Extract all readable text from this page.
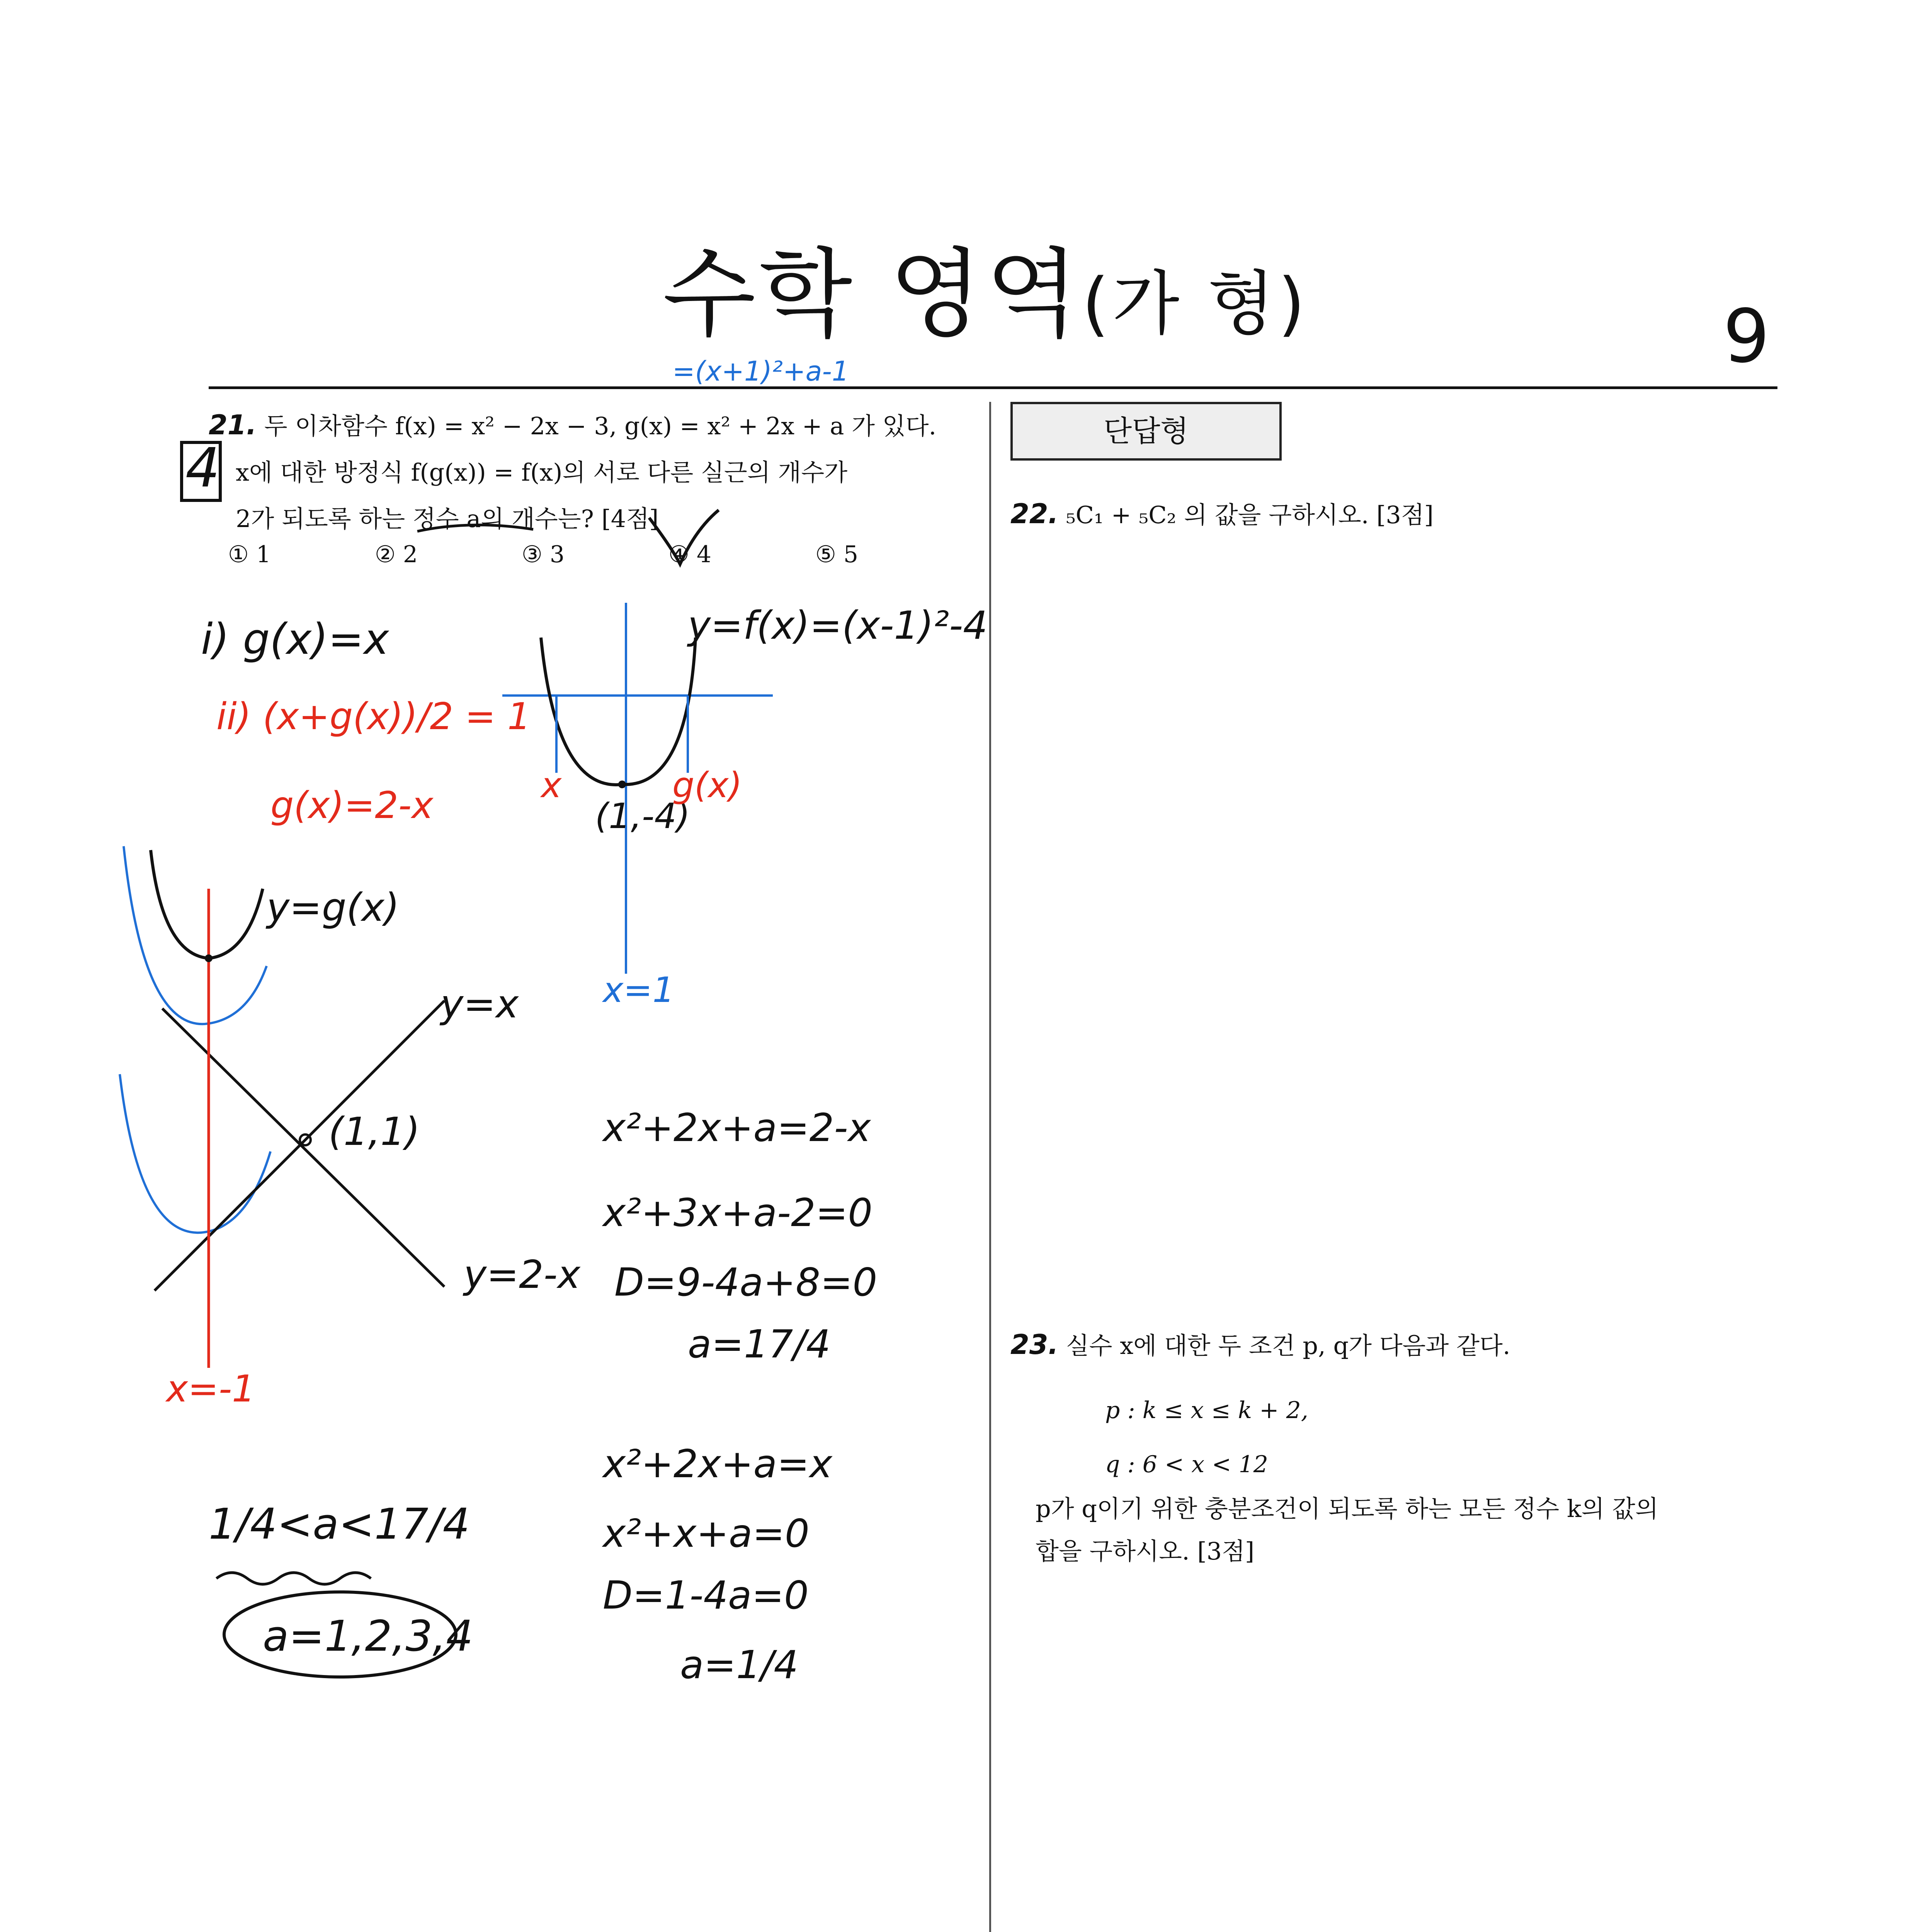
수학 영역(가 형)	9
21. 두 이차함수 f(x) = x² − 2x − 3, g(x) = x² + 2x + a 가 있다.
x에 대한 방정식 f(g(x)) = f(x)의 서로 다른 실근의 개수가
2가 되도록 하는 정수 a의 개수는? [4점]
① 1	② 2	③ 3	④ 4	⑤ 5
단답형
22. ₅C₁ + ₅C₂ 의 값을 구하시오. [3점]
23. 실수 x에 대한 두 조건 p, q가 다음과 같다.
p : k ≤ x ≤ k + 2,
q : 6 < x < 12
p가 q이기 위한 충분조건이 되도록 하는 모든 정수 k의 값의
합을 구하시오. [3점]
4
=(x+1)²+a-1
i) g(x)=x
ii) (x+g(x))/2 = 1
g(x)=2-x
y=f(x)=(x-1)²-4
(1,-4)
x	g(x)
x=1
y=g(x)
y=x
y=2-x
(1,1)
x=-1
x²+2x+a=2-x
x²+3x+a-2=0
D=9-4a+8=0
a=17/4
x²+2x+a=x
x²+x+a=0
D=1-4a=0
a=1/4
1/4<a<17/4
a=1,2,3,4
